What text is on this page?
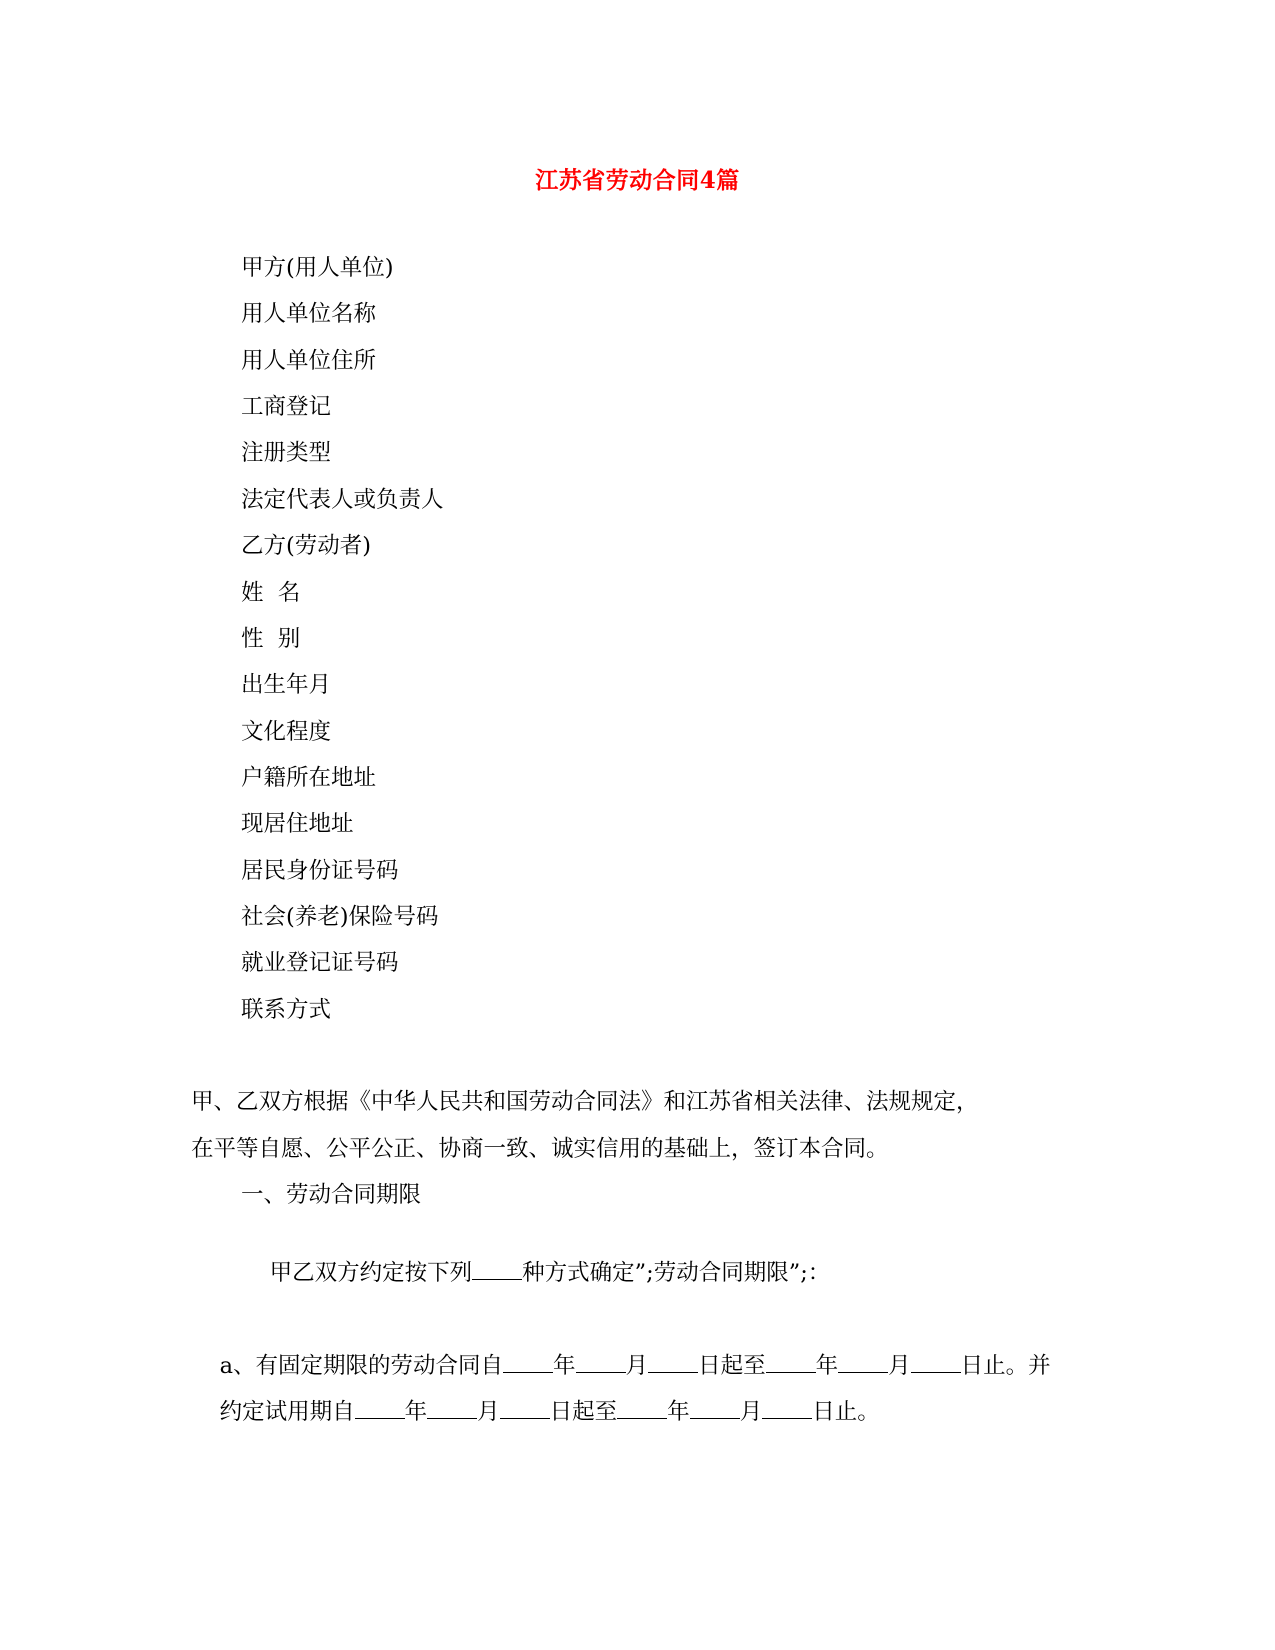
江苏省劳动合同4篇
甲方(用人单位)
用人单位名称
用人单位住所
工商登记
注册类型
法定代表人或负责人
乙方(劳动者)
姓  名
性  别
出生年月
文化程度
户籍所在地址
现居住地址
居民身份证号码
社会(养老)保险号码
就业登记证号码
联系方式
甲、乙双方根据《中华人民共和国劳动合同法》和江苏省相关法律、法规规定，
在平等自愿、公平公正、协商一致、诚实信用的基础上，签订本合同。
一、劳动合同期限

甲乙双方约定按下列 种方式确定”;劳动合同期限”;：

a、有固定期限的劳动合同自 年 月 日起至 年 月 日止。并

约定试用期自 年 月 日起至 年 月 日止。
